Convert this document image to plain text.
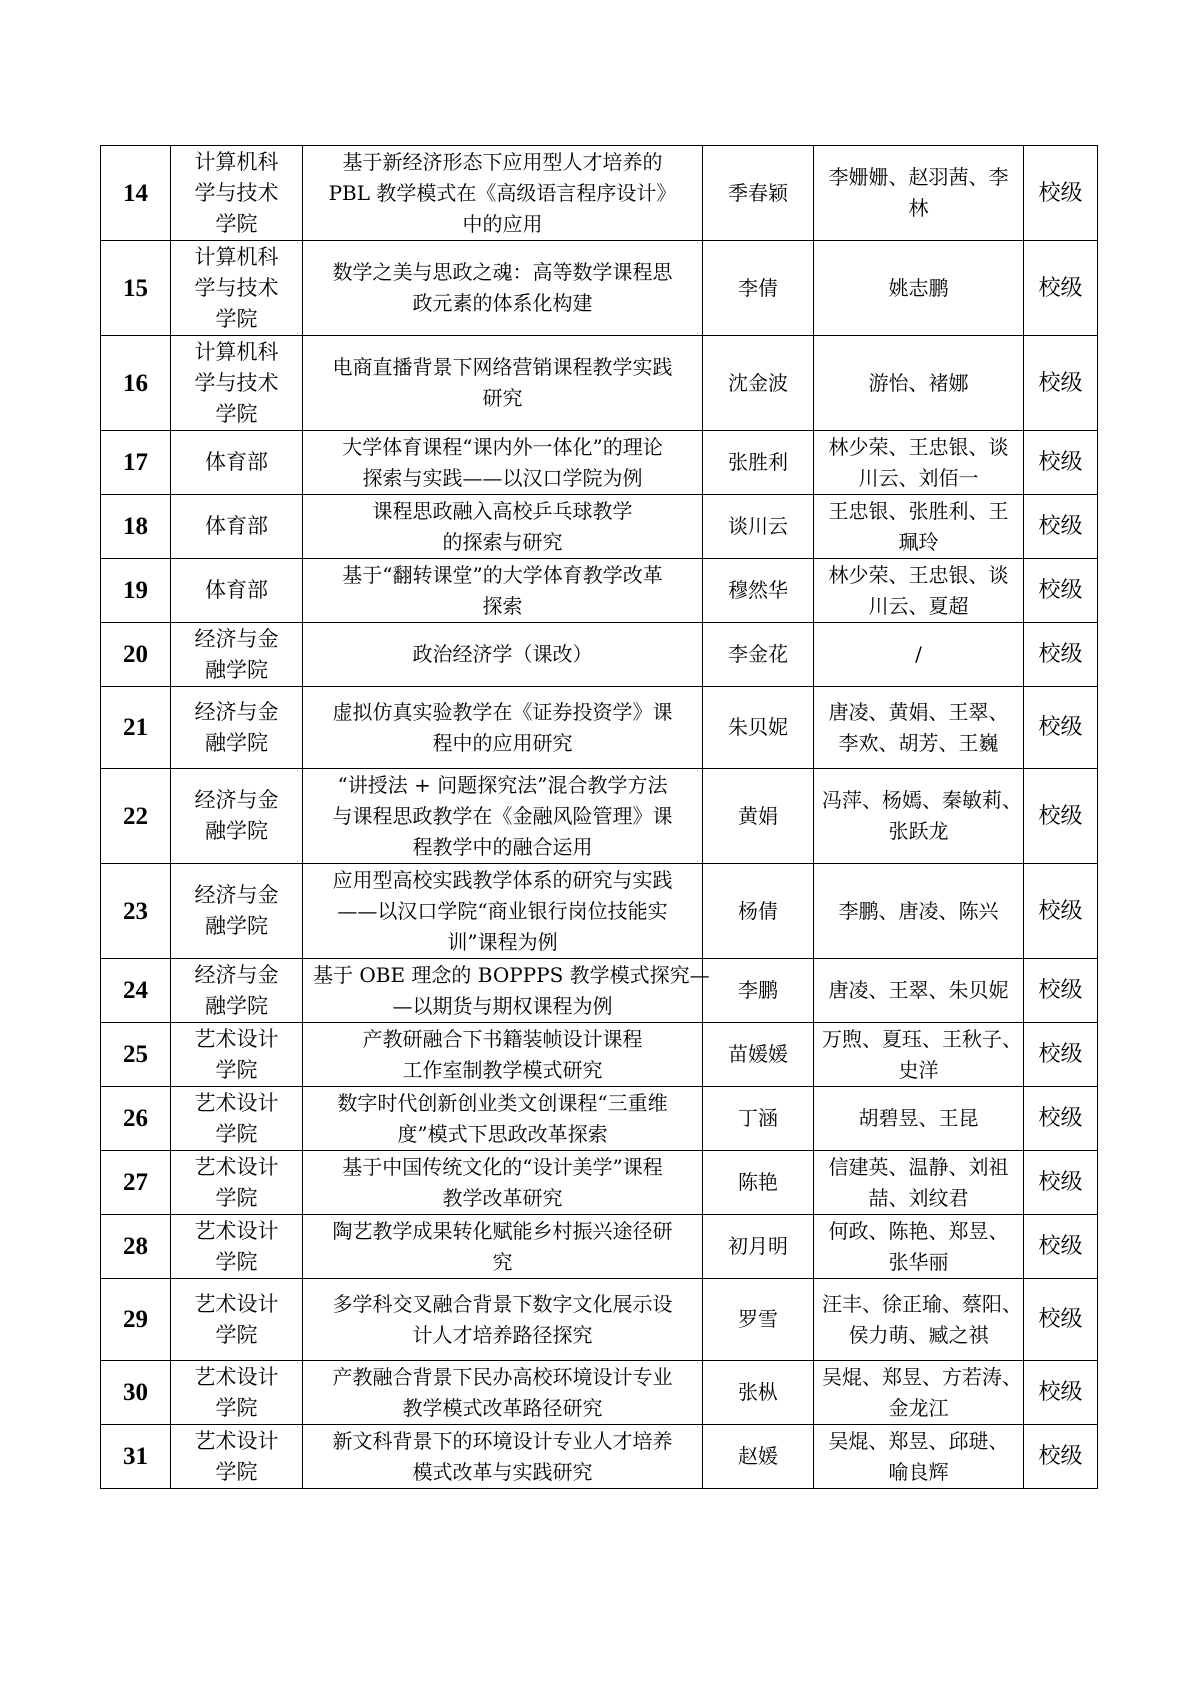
14	计算机科
学与技术
学院	基于新经济形态下应用型人才培养的
PBL 教学模式在《高级语言程序设计》
中的应用	季春颖	李姗姗、赵羽茜、李
林	校级
15	计算机科
学与技术
学院	数学之美与思政之魂：高等数学课程思
政元素的体系化构建	李倩	姚志鹏	校级
16	计算机科
学与技术
学院	电商直播背景下网络营销课程教学实践
研究	沈金波	游怡、褚娜	校级
17	体育部	大学体育课程“课内外一体化”的理论
探索与实践——以汉口学院为例	张胜利	林少荣、王忠银、谈
川云、刘佰一	校级
18	体育部	课程思政融入高校乒乓球教学
的探索与研究	谈川云	王忠银、张胜利、王
珮玲	校级
19	体育部	基于“翻转课堂”的大学体育教学改革
探索	穆然华	林少荣、王忠银、谈
川云、夏超	校级
20	经济与金
融学院	政治经济学（课改）	李金花	/	校级
21	经济与金
融学院	虚拟仿真实验教学在《证券投资学》课
程中的应用研究	朱贝妮	唐凌、黄娟、王翠、
李欢、胡芳、王巍	校级
22	经济与金
融学院	“讲授法 + 问题探究法”混合教学方法
与课程思政教学在《金融风险管理》课
程教学中的融合运用	黄娟	冯萍、杨嫣、秦敏莉、
张跃龙	校级
23	经济与金
融学院	应用型高校实践教学体系的研究与实践
——以汉口学院“商业银行岗位技能实
训”课程为例	杨倩	李鹏、唐凌、陈兴	校级
24	经济与金
融学院	基于 OBE 理念的 BOPPPS 教学模式探究—
—以期货与期权课程为例	李鹏	唐凌、王翠、朱贝妮	校级
25	艺术设计
学院	产教研融合下书籍装帧设计课程
工作室制教学模式研究	苗媛媛	万煦、夏珏、王秋子、
史洋	校级
26	艺术设计
学院	数字时代创新创业类文创课程“三重维
度”模式下思政改革探索	丁涵	胡碧昱、王昆	校级
27	艺术设计
学院	基于中国传统文化的“设计美学”课程
教学改革研究	陈艳	信建英、温静、刘祖
喆、刘纹君	校级
28	艺术设计
学院	陶艺教学成果转化赋能乡村振兴途径研
究	初月明	何政、陈艳、郑昱、
张华丽	校级
29	艺术设计
学院	多学科交叉融合背景下数字文化展示设
计人才培养路径探究	罗雪	汪丰、徐正瑜、蔡阳、
侯力萌、臧之祺	校级
30	艺术设计
学院	产教融合背景下民办高校环境设计专业
教学模式改革路径研究	张枞	吴焜、郑昱、方若涛、
金龙江	校级
31	艺术设计
学院	新文科背景下的环境设计专业人才培养
模式改革与实践研究	赵媛	吴焜、郑昱、邱琎、
喻良辉	校级
